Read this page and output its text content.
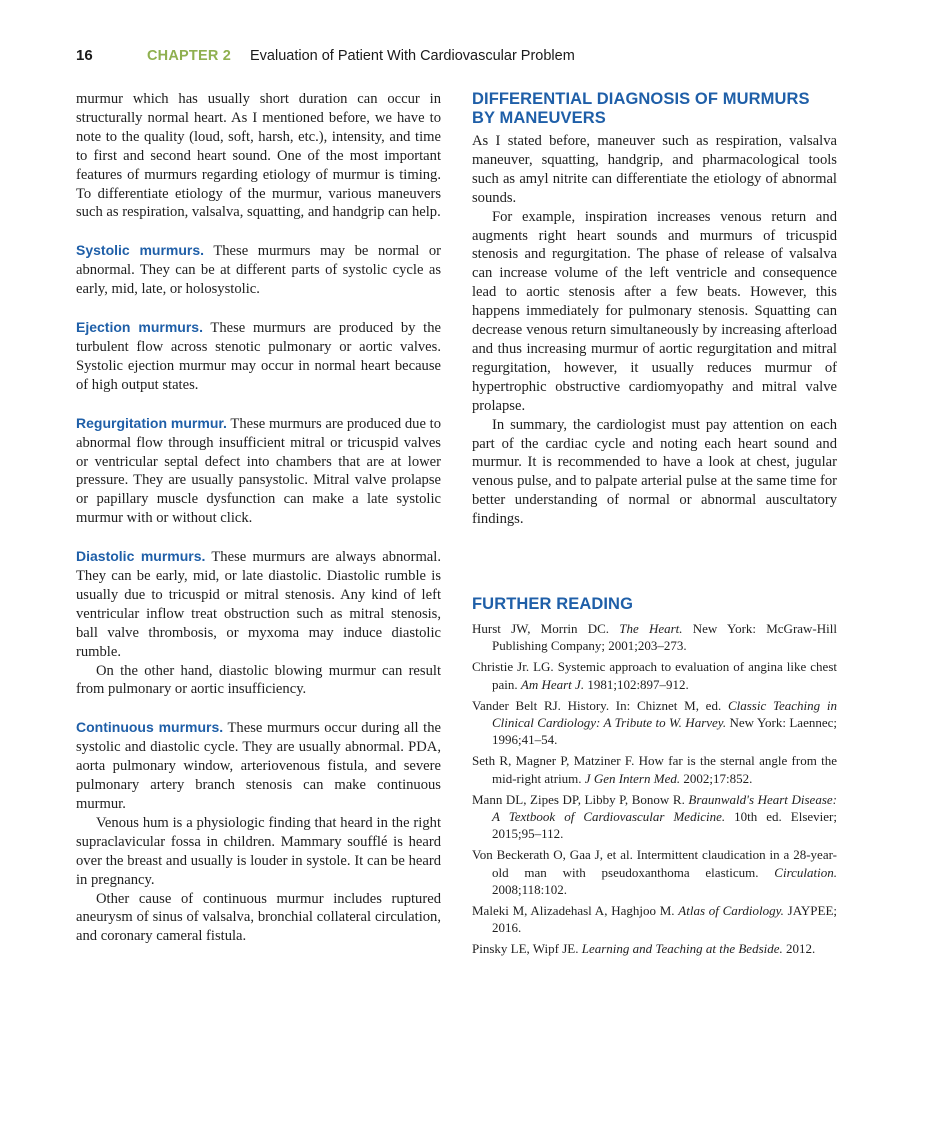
16	CHAPTER 2 Evaluation of Patient With Cardiovascular Problem

murmur which has usually short duration can occur in structurally normal heart. As I mentioned before, we have to note to the quality (loud, soft, harsh, etc.), intensity, and time to first and second heart sound. One of the most important features of murmurs regarding etiology of murmur is timing. To differentiate etiology of the murmur, various maneuvers such as respiration, valsalva, squatting, and handgrip can help.

Systolic murmurs. These murmurs may be normal or abnormal. They can be at different parts of systolic cycle as early, mid, late, or holosystolic.

Ejection murmurs. These murmurs are produced by the turbulent flow across stenotic pulmonary or aortic valves. Systolic ejection murmur may occur in normal heart because of high output states.

Regurgitation murmur. These murmurs are produced due to abnormal flow through insufficient mitral or tricuspid valves or ventricular septal defect into chambers that are at lower pressure. They are usually pansystolic. Mitral valve prolapse or papillary muscle dysfunction can make a late systolic murmur with or without click.

Diastolic murmurs. These murmurs are always abnormal. They can be early, mid, or late diastolic. Diastolic rumble is usually due to tricuspid or mitral stenosis. Any kind of left ventricular inflow treat obstruction such as mitral stenosis, ball valve thrombosis, or myxoma may induce diastolic rumble.

On the other hand, diastolic blowing murmur can result from pulmonary or aortic insufficiency.

Continuous murmurs. These murmurs occur during all the systolic and diastolic cycle. They are usually abnormal. PDA, aorta pulmonary window, arteriovenous fistula, and severe pulmonary artery branch stenosis can make continuous murmur.

Venous hum is a physiologic finding that heard in the right supraclavicular fossa in children. Mammary soufflé is heard over the breast and usually is louder in systole. It can be heard in pregnancy.

Other cause of continuous murmur includes ruptured aneurysm of sinus of valsalva, bronchial collateral circulation, and coronary cameral fistula.

DIFFERENTIAL DIAGNOSIS OF MURMURS BY MANEUVERS

As I stated before, maneuver such as respiration, valsalva maneuver, squatting, handgrip, and pharmacological tools such as amyl nitrite can differentiate the etiology of abnormal sounds.

For example, inspiration increases venous return and augments right heart sounds and murmurs of tricuspid stenosis and regurgitation. The phase of release of valsalva can increase volume of the left ventricle and consequence lead to aortic stenosis after a few beats. However, this happens immediately for pulmonary stenosis. Squatting can decrease venous return simultaneously by increasing afterload and thus increasing murmur of aortic regurgitation and mitral regurgitation, however, it usually reduces murmur of hypertrophic obstructive cardiomyopathy and mitral valve prolapse.

In summary, the cardiologist must pay attention on each part of the cardiac cycle and noting each heart sound and murmur. It is recommended to have a look at chest, jugular venous pulse, and to palpate arterial pulse at the same time for better understanding of normal or abnormal auscultatory findings.

FURTHER READING

Hurst JW, Morrin DC. The Heart. New York: McGraw-Hill Publishing Company; 2001;203–273.

Christie Jr. LG. Systemic approach to evaluation of angina like chest pain. Am Heart J. 1981;102:897–912.

Vander Belt RJ. History. In: Chiznet M, ed. Classic Teaching in Clinical Cardiology: A Tribute to W. Harvey. New York: Laennec; 1996;41–54.

Seth R, Magner P, Matziner F. How far is the sternal angle from the mid-right atrium. J Gen Intern Med. 2002;17:852.

Mann DL, Zipes DP, Libby P, Bonow R. Braunwald's Heart Disease: A Textbook of Cardiovascular Medicine. 10th ed. Elsevier; 2015;95–112.

Von Beckerath O, Gaa J, et al. Intermittent claudication in a 28-year-old man with pseudoxanthoma elasticum. Circulation. 2008;118:102.

Maleki M, Alizadehasl A, Haghjoo M. Atlas of Cardiology. JAYPEE; 2016.

Pinsky LE, Wipf JE. Learning and Teaching at the Bedside. 2012.
